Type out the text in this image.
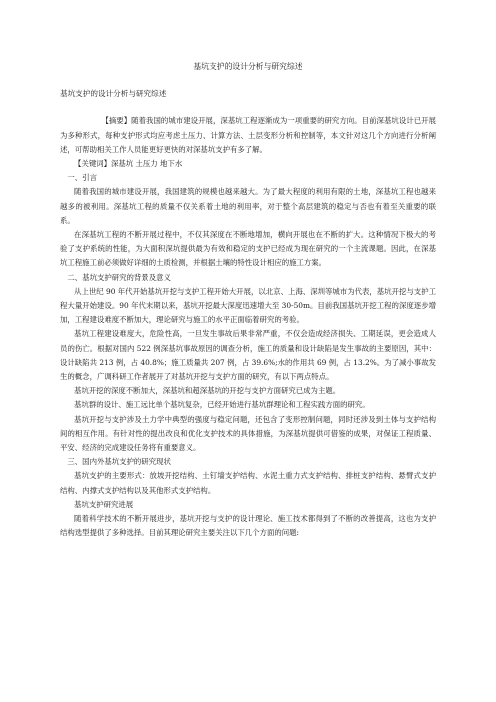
基坑支护的设计分析与研究综述
基坑支护的设计分析与研究综述

【摘要】随着我国的城市建设开展，深基坑工程逐渐成为一项重要的研究方向。目前深基坑设计已开展为多种形式，每种支护形式均应考虑土压力、计算方法、土层变形分析和控制等，本文针对这几个方向进行分析阐述，可帮助相关工作人员能更好更快的对深基坑支护有多了解。

【关键词】深基坑 土压力 地下水

一、引言

随着我国的城市建设开展，我国建筑的规模也越来越大。为了最大程度的利用有限的土地，深基坑工程也越来越多的被利用。深基坑工程的质量不仅关系着土地的利用率，对于整个高层建筑的稳定与否也有着至关重要的联系。

在深基坑工程的不断开展过程中，不仅其深度在不断地增加，横向开展也在不断的扩大。这种情况下极大的考验了支护系统的性能，为大面积深坑提供最为有效和稳定的支护已经成为现在研究的一个主流课题。因此，在深基坑工程施工前必须做好详细的土质检测，并根据土壤的特性设计相应的施工方案。

二、基坑支护研究的背景及意义

从上世纪 90 年代开始基坑开挖与支护工程开始大开展，以北京、上海、深圳等城市为代表，基坑开挖与支护工程大量开始建设。90 年代末期以来，基坑开挖最大深度迅速增大至 30-50m。目前我国基坑开挖工程的深度逐步增加，工程建设难度不断加大，理论研究与施工的水平正面临着研究的考验。

基坑工程建设难度大，危险性高，一旦发生事故后果非常严重，不仅会造成经济损失、工期延误，更会造成人员的伤亡。根据对国内 522 例深基坑事故原因的调查分析，施工的质量和设计缺陷是发生事故的主要原因，其中：设计缺陷共 213 例，占 40.8%；施工质量共 207 例，占 39.6%;水的作用共 69 例，占 13.2%。为了减小事故发生的概念，广调科研工作者展开了对基坑开挖与支护方面的研究，有以下两点特点。

基坑开挖的深度不断加大，深基坑和超深基坑的开挖与支护方面研究已成为主题。

基坑群的设计、施工远比单个基坑复杂，已经开始进行基坑群理论和工程实践方面的研究。

基坑开挖与支护涉及土力学中典型的强度与稳定问题，还包含了变形控制问题，同时还涉及到土体与支护结构间的相互作用。有针对性的提出改良和优化支护技术的具体措施，为深基坑提供可借鉴的成果，对保证工程质量、平安、经济的完成建设任务将有重要意义。

三、国内外基坑支护的研究现状

基坑支护的主要形式：放坡开挖结构、土钉墙支护结构、水泥土重力式支护结构、排桩支护结构、悬臂式支护结构、内撑式支护结构以及其他形式支护结构。

基坑支护研究进展

随着科学技术的不断开展进步，基坑开挖与支护的设计理论、施工技术都得到了不断的改善提高，这也为支护结构选型提供了多种选择。目前其理论研究主要关注以下几个方面的问题:
